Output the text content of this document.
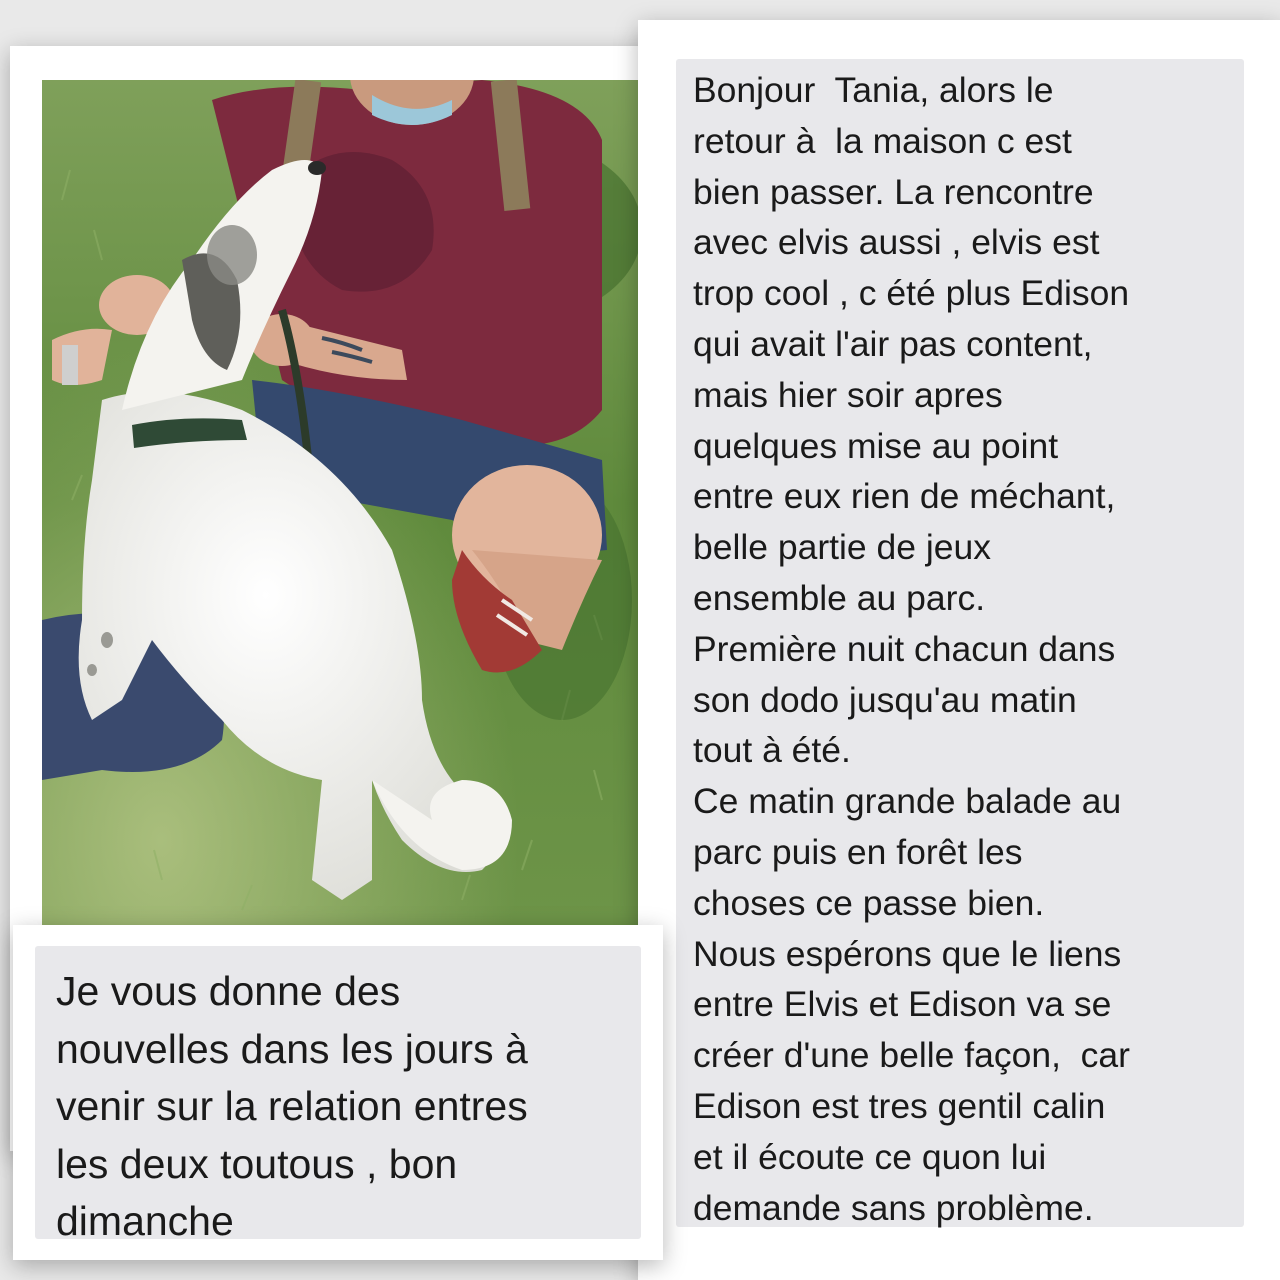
Bonjour  Tania, alors le
retour à  la maison c est
bien passer. La rencontre
avec elvis aussi , elvis est
trop cool , c été plus Edison
qui avait l'air pas content,
mais hier soir apres
quelques mise au point
entre eux rien de méchant,
belle partie de jeux
ensemble au parc.
Première nuit chacun dans
son dodo jusqu'au matin
tout à été.
Ce matin grande balade au
parc puis en forêt les
choses ce passe bien.
Nous espérons que le liens
entre Elvis et Edison va se
créer d'une belle façon,  car
Edison est tres gentil calin
et il écoute ce quon lui
demande sans problème.

Je vous donne des
nouvelles dans les jours à
venir sur la relation entres
les deux toutous , bon
dimanche
